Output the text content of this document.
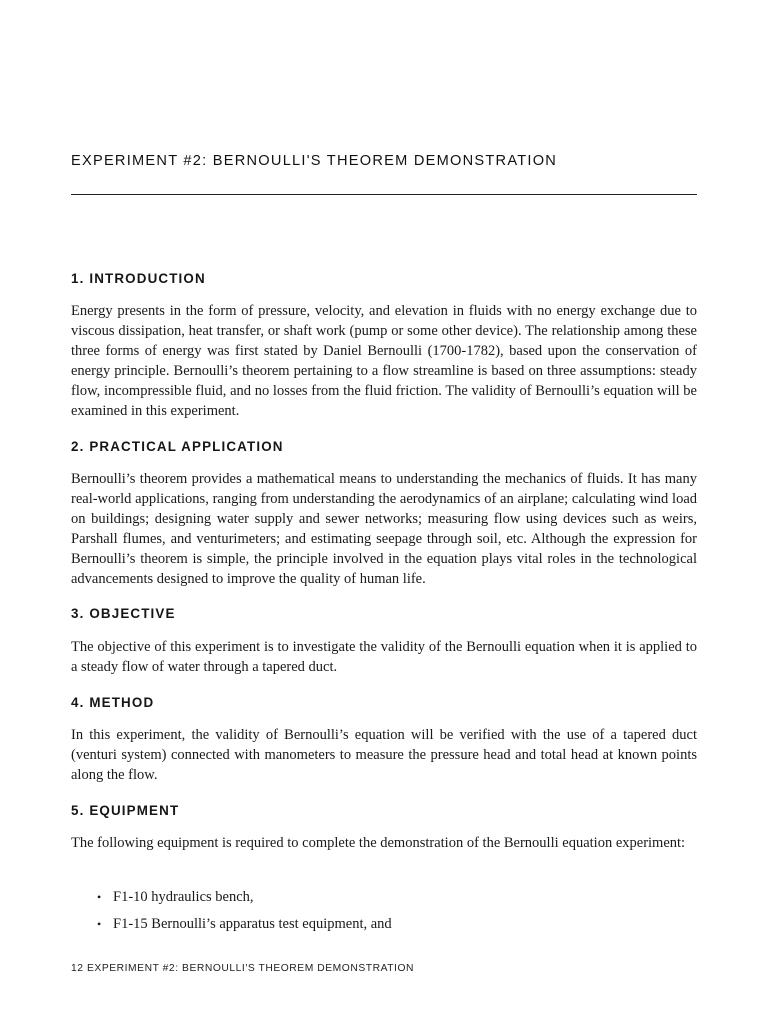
EXPERIMENT #2: BERNOULLI'S THEOREM DEMONSTRATION
1. INTRODUCTION

Energy presents in the form of pressure, velocity, and elevation in fluids with no energy exchange due to viscous dissipation, heat transfer, or shaft work (pump or some other device). The relationship among these three forms of energy was first stated by Daniel Bernoulli (1700-1782), based upon the conservation of energy principle. Bernoulli’s theorem pertaining to a flow streamline is based on three assumptions: steady flow, incompressible fluid, and no losses from the fluid friction. The validity of Bernoulli’s equation will be examined in this experiment.

2. PRACTICAL APPLICATION

Bernoulli’s theorem provides a mathematical means to understanding the mechanics of fluids. It has many real-world applications, ranging from understanding the aerodynamics of an airplane; calculating wind load on buildings; designing water supply and sewer networks; measuring flow using devices such as weirs, Parshall flumes, and venturimeters; and estimating seepage through soil, etc. Although the expression for Bernoulli’s theorem is simple, the principle involved in the equation plays vital roles in the technological advancements designed to improve the quality of human life.

3. OBJECTIVE

The objective of this experiment is to investigate the validity of the Bernoulli equation when it is applied to a steady flow of water through a tapered duct.

4. METHOD

In this experiment, the validity of Bernoulli’s equation will be verified with the use of a tapered duct (venturi system) connected with manometers to measure the pressure head and total head at known points along the flow.

5. EQUIPMENT

The following equipment is required to complete the demonstration of the Bernoulli equation experiment:

• F1-10 hydraulics bench,
• F1-15 Bernoulli’s apparatus test equipment, and
12 EXPERIMENT #2: BERNOULLI'S THEOREM DEMONSTRATION
